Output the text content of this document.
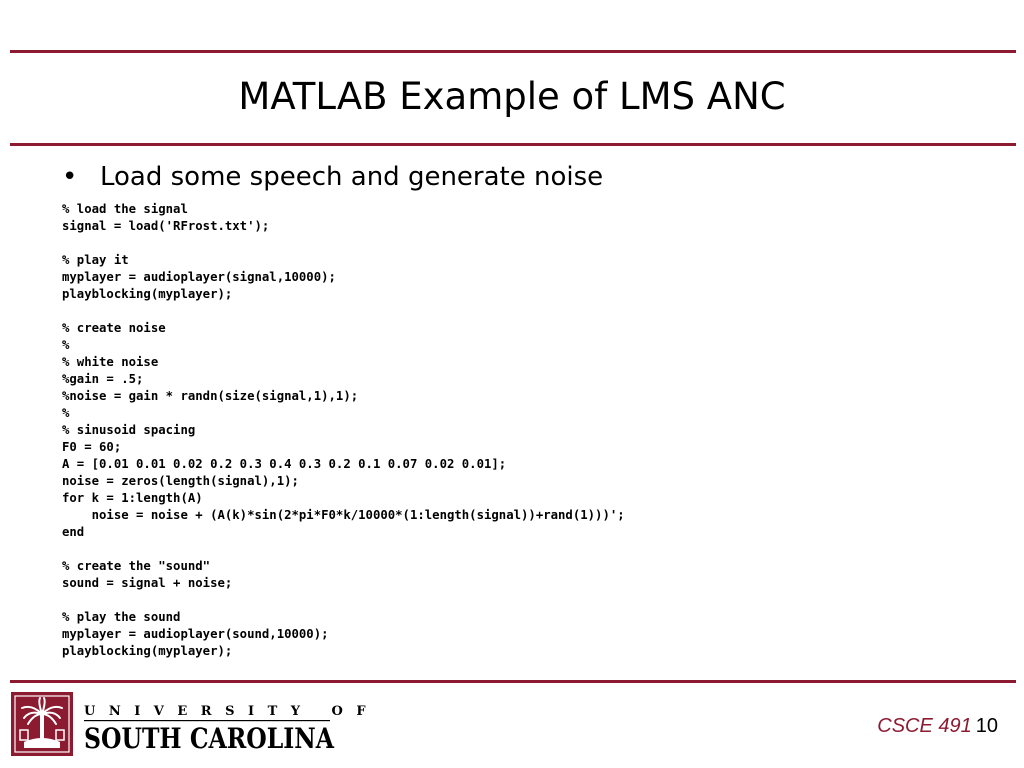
MATLAB Example of LMS ANC
• Load some speech and generate noise
% load the signal
signal = load('RFrost.txt');
% play it
myplayer = audioplayer(signal,10000);
playblocking(myplayer);
% create noise
%
% white noise
%gain = .5;
%noise = gain * randn(size(signal,1),1);
%
% sinusoid spacing
F0 = 60;
A = [0.01 0.01 0.02 0.2 0.3 0.4 0.3 0.2 0.1 0.07 0.02 0.01];
noise = zeros(length(signal),1);
for k = 1:length(A)
noise = noise + (A(k)*sin(2*pi*F0*k/10000*(1:length(signal))+rand(1)))';
end
% create the "sound"
sound = signal + noise;
% play the sound
myplayer = audioplayer(sound,10000);
playblocking(myplayer);
UNIVERSITY OF
SOUTH CAROLINA	CSCE 491 10
